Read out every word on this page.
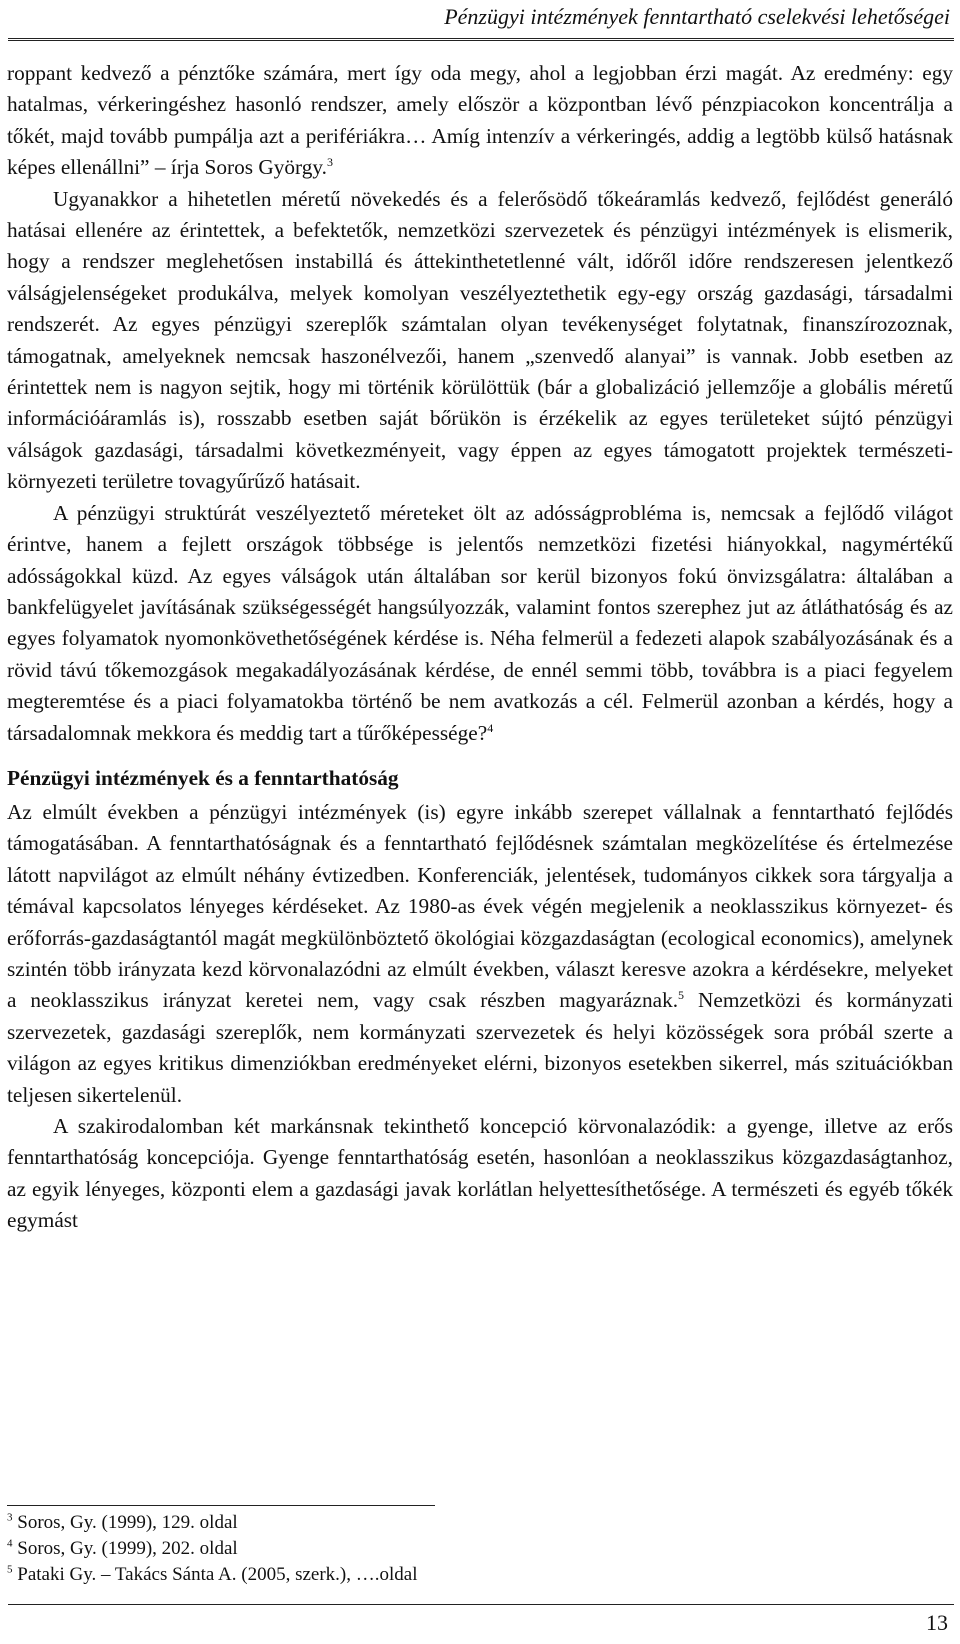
Pénzügyi intézmények fenntartható cselekvési lehetőségei

roppant kedvező a pénztőke számára, mert így oda megy, ahol a legjobban érzi magát. Az eredmény: egy hatalmas, vérkeringéshez hasonló rendszer, amely először a központban lévő pénzpiacokon koncentrálja a tőkét, majd tovább pumpálja azt a perifériákra… Amíg intenzív a vérkeringés, addig a legtöbb külső hatásnak képes ellenállni” – írja Soros György.$^3$

Ugyanakkor a hihetetlen méretű növekedés és a felerősödő tőkeáramlás kedvező, fejlődést generáló hatásai ellenére az érintettek, a befektetők, nemzetközi szervezetek és pénzügyi intézmények is elismerik, hogy a rendszer meglehetősen instabillá és áttekinthetetlenné vált, időről időre rendszeresen jelentkező válságjelenségeket produkálva, melyek komolyan veszélyeztethetik egy-egy ország gazdasági, társadalmi rendszerét. Az egyes pénzügyi szereplők számtalan olyan tevékenységet folytatnak, finanszírozoznak, támogatnak, amelyeknek nemcsak haszonélvezői, hanem „szenvedő alanyai” is vannak. Jobb esetben az érintettek nem is nagyon sejtik, hogy mi történik körülöttük (bár a globalizáció jellemzője a globális méretű információáramlás is), rosszabb esetben saját bőrükön is érzékelik az egyes területeket sújtó pénzügyi válságok gazdasági, társadalmi következményeit, vagy éppen az egyes támogatott projektek természeti-környezeti területre tovagyűrűző hatásait.

A pénzügyi struktúrát veszélyeztető méreteket ölt az adósságprobléma is, nemcsak a fejlődő világot érintve, hanem a fejlett országok többsége is jelentős nemzetközi fizetési hiányokkal, nagymértékű adósságokkal küzd. Az egyes válságok után általában sor kerül bizonyos fokú önvizsgálatra: általában a bankfelügyelet javításának szükségességét hangsúlyozzák, valamint fontos szerephez jut az átláthatóság és az egyes folyamatok nyomonkövethetőségének kérdése is. Néha felmerül a fedezeti alapok szabályozásának és a rövid távú tőkemozgások megakadályozásának kérdése, de ennél semmi több, továbbra is a piaci fegyelem megteremtése és a piaci folyamatokba történő be nem avatkozás a cél. Felmerül azonban a kérdés, hogy a társadalomnak mekkora és meddig tart a tűrőképessége?$^4$

Pénzügyi intézmények és a fenntarthatóság

Az elmúlt években a pénzügyi intézmények (is) egyre inkább szerepet vállalnak a fenntartható fejlődés támogatásában. A fenntarthatóságnak és a fenntartható fejlődésnek számtalan megközelítése és értelmezése látott napvilágot az elmúlt néhány évtizedben. Konferenciák, jelentések, tudományos cikkek sora tárgyalja a témával kapcsolatos lényeges kérdéseket. Az 1980-as évek végén megjelenik a neoklasszikus környezet- és erőforrás-gazdaságtantól magát megkülönböztető ökológiai közgazdaságtan (ecological economics), amelynek szintén több irányzata kezd körvonalazódni az elmúlt években, választ keresve azokra a kérdésekre, melyeket a neoklasszikus irányzat keretei nem, vagy csak részben magyaráznak.$^5$ Nemzetközi és kormányzati szervezetek, gazdasági szereplők, nem kormányzati szervezetek és helyi közösségek sora próbál szerte a világon az egyes kritikus dimenziókban eredményeket elérni, bizonyos esetekben sikerrel, más szituációkban teljesen sikertelenül.

A szakirodalomban két markánsnak tekinthető koncepció körvonalazódik: a gyenge, illetve az erős fenntarthatóság koncepciója. Gyenge fenntarthatóság esetén, hasonlóan a neoklasszikus közgazdaságtanhoz, az egyik lényeges, központi elem a gazdasági javak korlátlan helyettesíthetősége. A természeti és egyéb tőkék egymást

$^3$ Soros, Gy. (1999), 129. oldal
$^4$ Soros, Gy. (1999), 202. oldal
$^5$ Pataki Gy. – Takács Sánta A. (2005, szerk.), ….oldal
13
